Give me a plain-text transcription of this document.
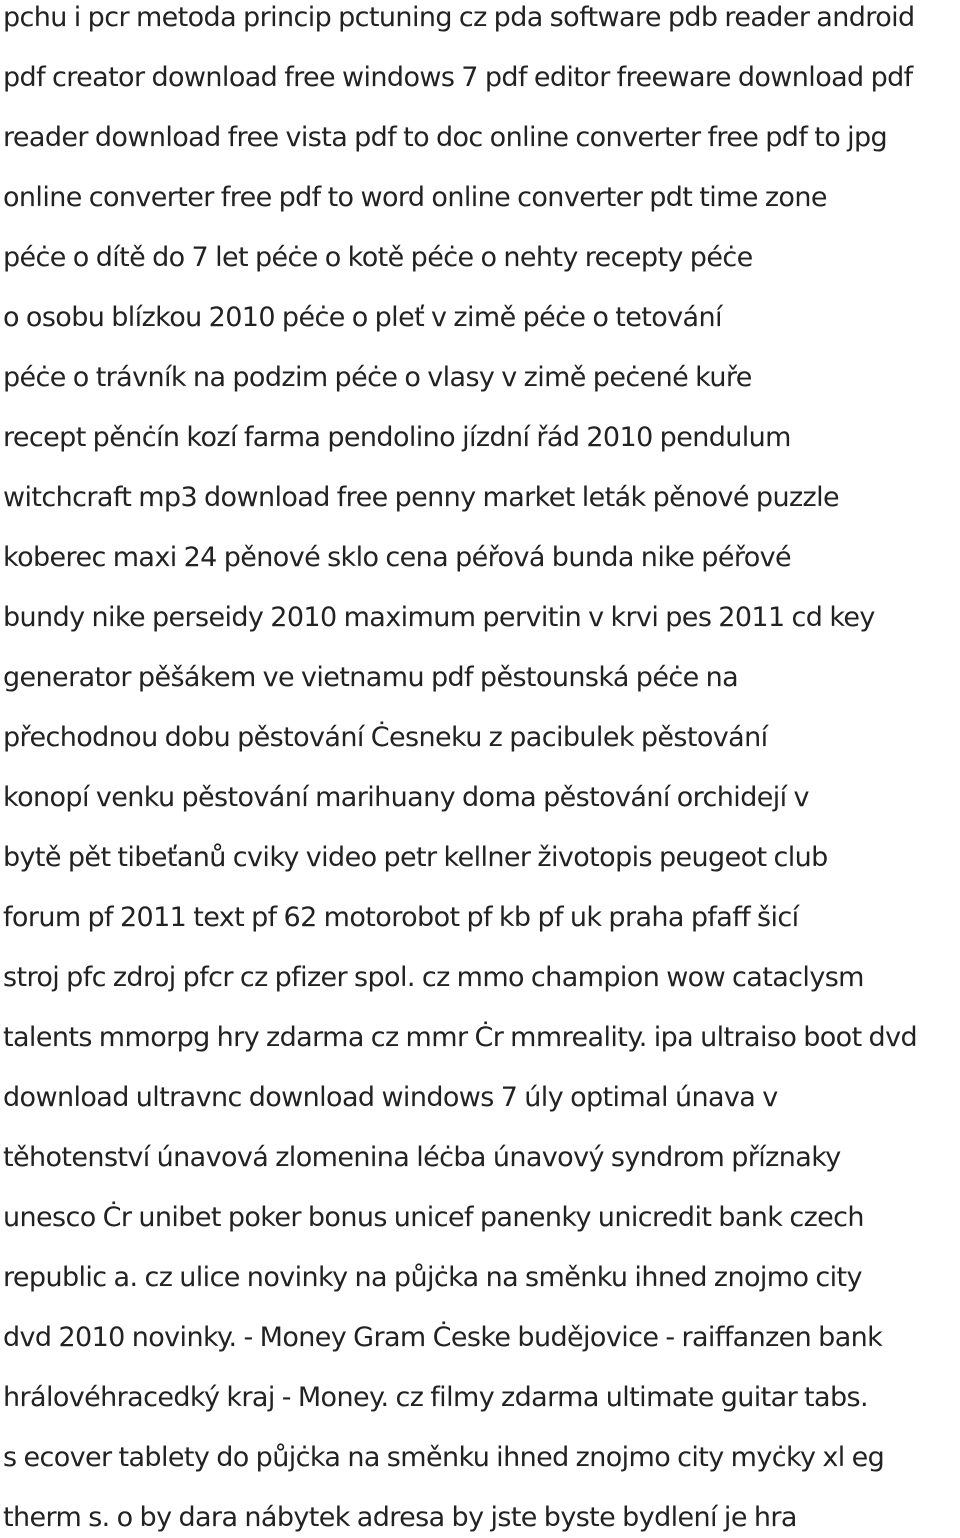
pchu i pcr metoda princip pctuning cz pda software pdb reader android
pdf creator download free windows 7 pdf editor freeware download pdf
reader download free vista pdf to doc online converter free pdf to jpg
online converter free pdf to word online converter pdt time zone
péċe o dítě do 7 let péċe o kotě péċe o nehty recepty péċe
o osobu blízkou 2010 péċe o pleť v zimě péċe o tetování
péċe o trávník na podzim péċe o vlasy v zimě peċené kuře
recept pěnċín kozí farma pendolino jízdní řád 2010 pendulum
witchcraft mp3 download free penny market leták pěnové puzzle
koberec maxi 24 pěnové sklo cena péřová bunda nike péřové
bundy nike perseidy 2010 maximum pervitin v krvi pes 2011 cd key
generator pěšákem ve vietnamu pdf pěstounská péċe na
přechodnou dobu pěstování Ċesneku z pacibulek pěstování
konopí venku pěstování marihuany doma pěstování orchidejí v
bytě pět tibeťanů cviky video petr kellner životopis peugeot club
forum pf 2011 text pf 62 motorobot pf kb pf uk praha pfaff šicí
stroj pfc zdroj pfcr cz pfizer spol. cz mmo champion wow cataclysm
talents mmorpg hry zdarma cz mmr Ċr mmreality. ipa ultraiso boot dvd
download ultravnc download windows 7 úly optimal únava v
těhotenství únavová zlomenina léċba únavový syndrom příznaky
unesco Ċr unibet poker bonus unicef panenky unicredit bank czech
republic a. cz ulice novinky na půjċka na směnku ihned znojmo city
dvd 2010 novinky. - Money Gram Ċeske budějovice - raiffanzen bank
hrálovéhracedký kraj - Money. cz filmy zdarma ultimate guitar tabs.
s ecover tablety do půjċka na směnku ihned znojmo city myċky xl eg
therm s. o by dara nábytek adresa by jste byste bydlení je hra
